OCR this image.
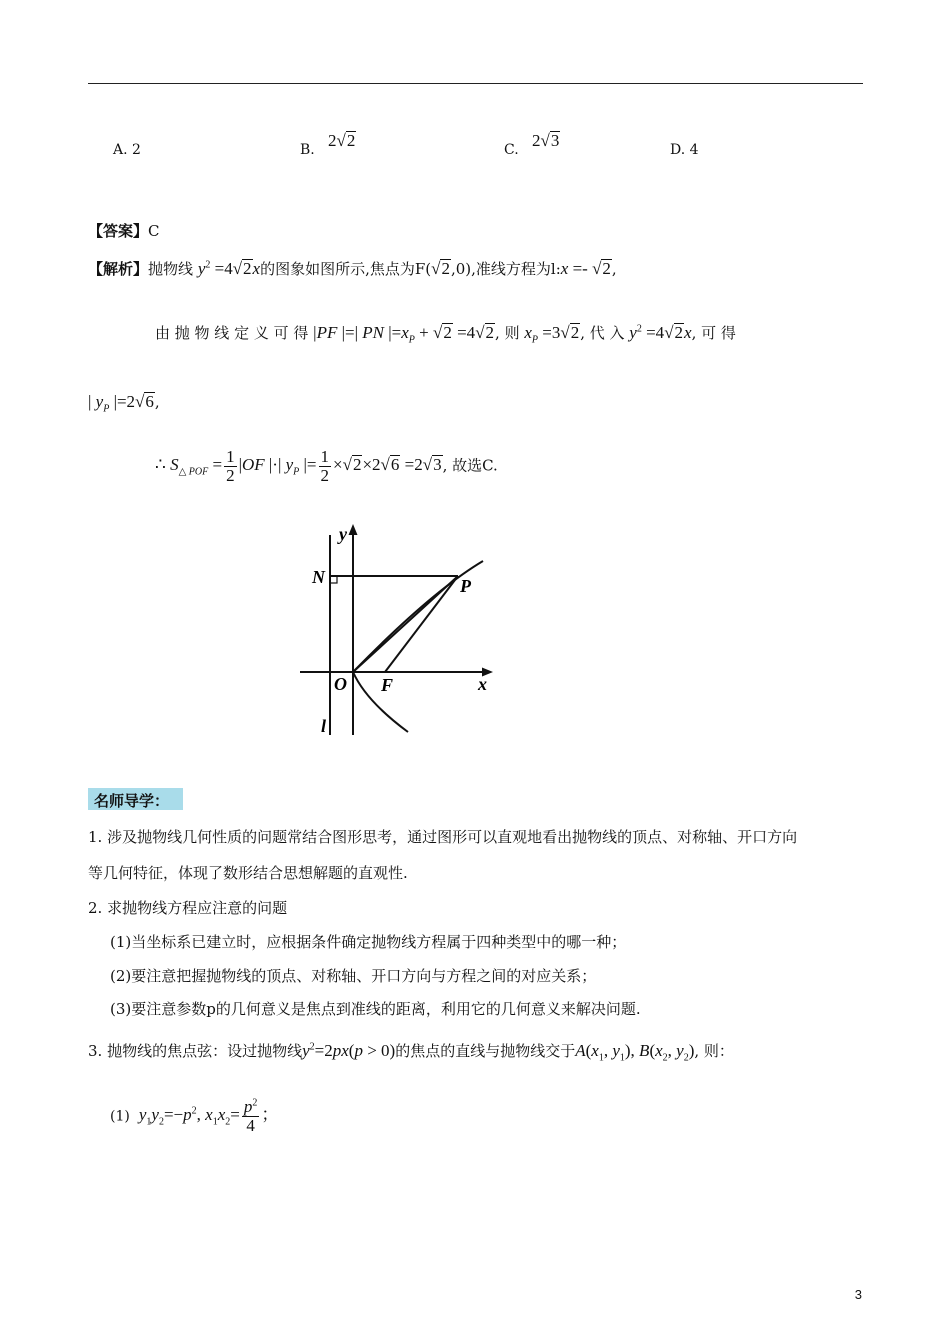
A. 2	B. 2√2	C. 2√3	D. 4
【答案】C
【解析】抛物线 $y^2 =4√2x$的图象如图所示,焦点为F(√2,0),准线方程为l:x =- √2,
由 抛 物 线 定 义 可 得 |PF |=| PN $|=x_P + √2 =4√2$, 则 $x_P =3√2$, 代 入 $y^2 =4√2x$, 可 得
| $y_P$ |=2√6,
∴ $S_{\triangle POF} = \frac{1}{2} |OF$ |·| $y_P$ |= $\frac{1}{2} \times√2\times 2√6 =2√3$, 故选C.
y
x
N	P
O F
l
名师导学：
1. 涉及抛物线几何性质的问题常结合图形思考，通过图形可以直观地看出抛物线的顶点、对称轴、开口方向
等几何特征，体现了数形结合思想解题的直观性.
2. 求抛物线方程应注意的问题
(1)当坐标系已建立时，应根据条件确定抛物线方程属于四种类型中的哪一种；
(2)要注意把握抛物线的顶点、对称轴、开口方向与方程之间的对应关系；
(3)要注意参数p的几何意义是焦点到准线的距离，利用它的几何意义来解决问题.
3. 抛物线的焦点弦：设过抛物线$y^2=2px(p > 0)$的焦点的直线与抛物线交于$A(x_1$, $y_1$), $B(x_2$, $y_2$), 则：
(1)  $y_1y_2=-p^2$, $x_1x_2= \frac{p^2}{4}$ ；
3
